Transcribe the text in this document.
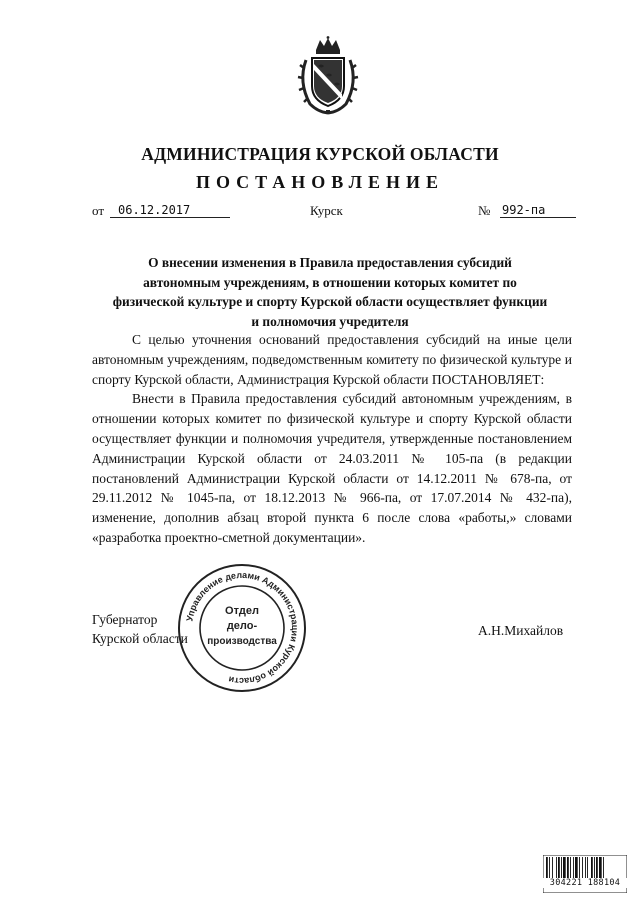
АДМИНИСТРАЦИЯ КУРСКОЙ ОБЛАСТИ
ПОСТАНОВЛЕНИЕ
от	06.12.2017	Курск	№ 992-па
О внесении изменения в Правила предоставления субсидий автономным учреждениям, в отношении которых комитет по физической культуре и спорту Курской области осуществляет функции и полномочия учредителя

С целью уточнения оснований предоставления субсидий на иные цели автономным учреждениям, подведомственным комитету по физической культуре и спорту Курской области, Администрация Курской области ПОСТАНОВЛЯЕТ:

Внести в Правила предоставления субсидий автономным учреждениям, в отношении которых комитет по физической культуре и спорту Курской области осуществляет функции и полномочия учредителя, утвержденные постановлением Администрации Курской области от 24.03.2011 № 105-па (в редакции постановлений Администрации Курской области от 14.12.2011 № 678-па, от 29.11.2012 № 1045-па, от 18.12.2013 № 966-па, от 17.07.2014 № 432-па), изменение, дополнив абзац второй пункта 6 после слова «работы,» словами «разработка проектно-сметной документации».

Губернатор
Курской области
А.Н.Михайлов
Управление делами Администрации Курской области
Отдел
дело-
производства
304221 188104
